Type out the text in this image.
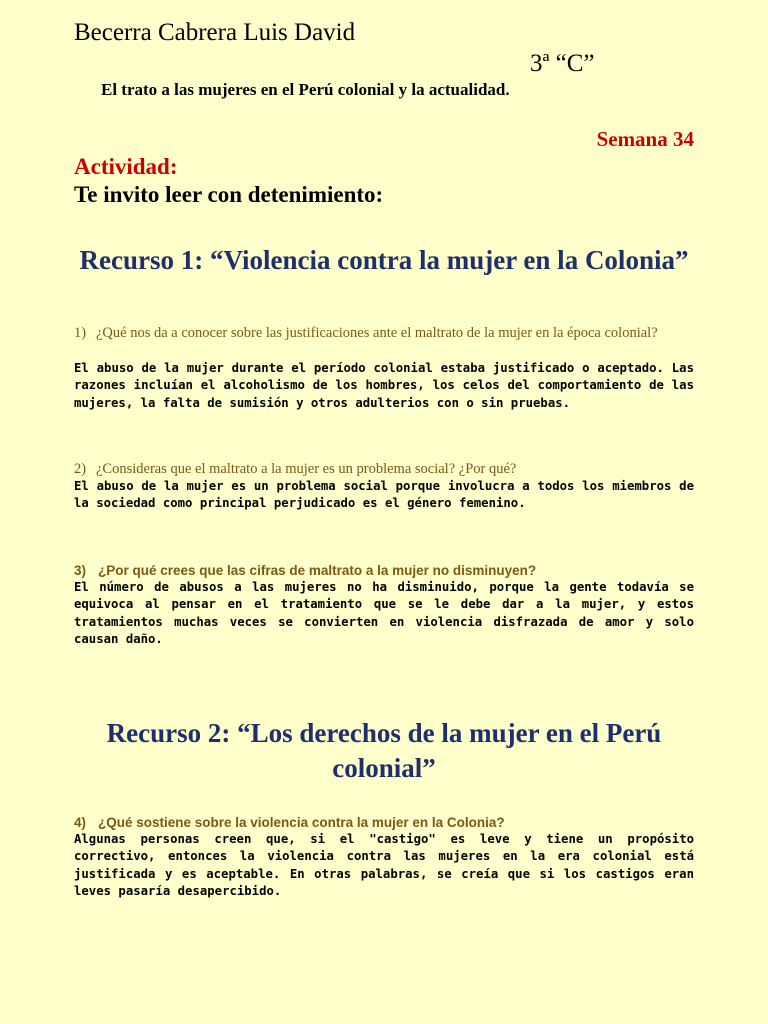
Becerra Cabrera Luis David

3ª “C”

El trato a las mujeres en el Perú colonial y la actualidad.

Semana 34

Actividad:

Te invito leer con detenimiento:

Recurso 1: “Violencia contra la mujer en la Colonia”
1) ¿Qué nos da a conocer sobre las justificaciones ante el maltrato de la mujer en la época colonial?

El abuso de la mujer durante el período colonial estaba justificado o aceptado. Las razones incluían el alcoholismo de los hombres, los celos del comportamiento de las mujeres, la falta de sumisión y otros adulterios con o sin pruebas.

2) ¿Consideras que el maltrato a la mujer es un problema social? ¿Por qué?

El abuso de la mujer es un problema social porque involucra a todos los miembros de la sociedad como principal perjudicado es el género femenino.

3) ¿Por qué crees que las cifras de maltrato a la mujer no disminuyen?

El número de abusos a las mujeres no ha disminuido, porque la gente todavía se equivoca al pensar en el tratamiento que se le debe dar a la mujer, y estos tratamientos muchas veces se convierten en violencia disfrazada de amor y solo causan daño.

Recurso 2: “Los derechos de la mujer en el Perú colonial”
4) ¿Qué sostiene sobre la violencia contra la mujer en la Colonia?

Algunas personas creen que, si el "castigo" es leve y tiene un propósito correctivo, entonces la violencia contra las mujeres en la era colonial está justificada y es aceptable. En otras palabras, se creía que si los castigos eran leves pasaría desapercibido.
